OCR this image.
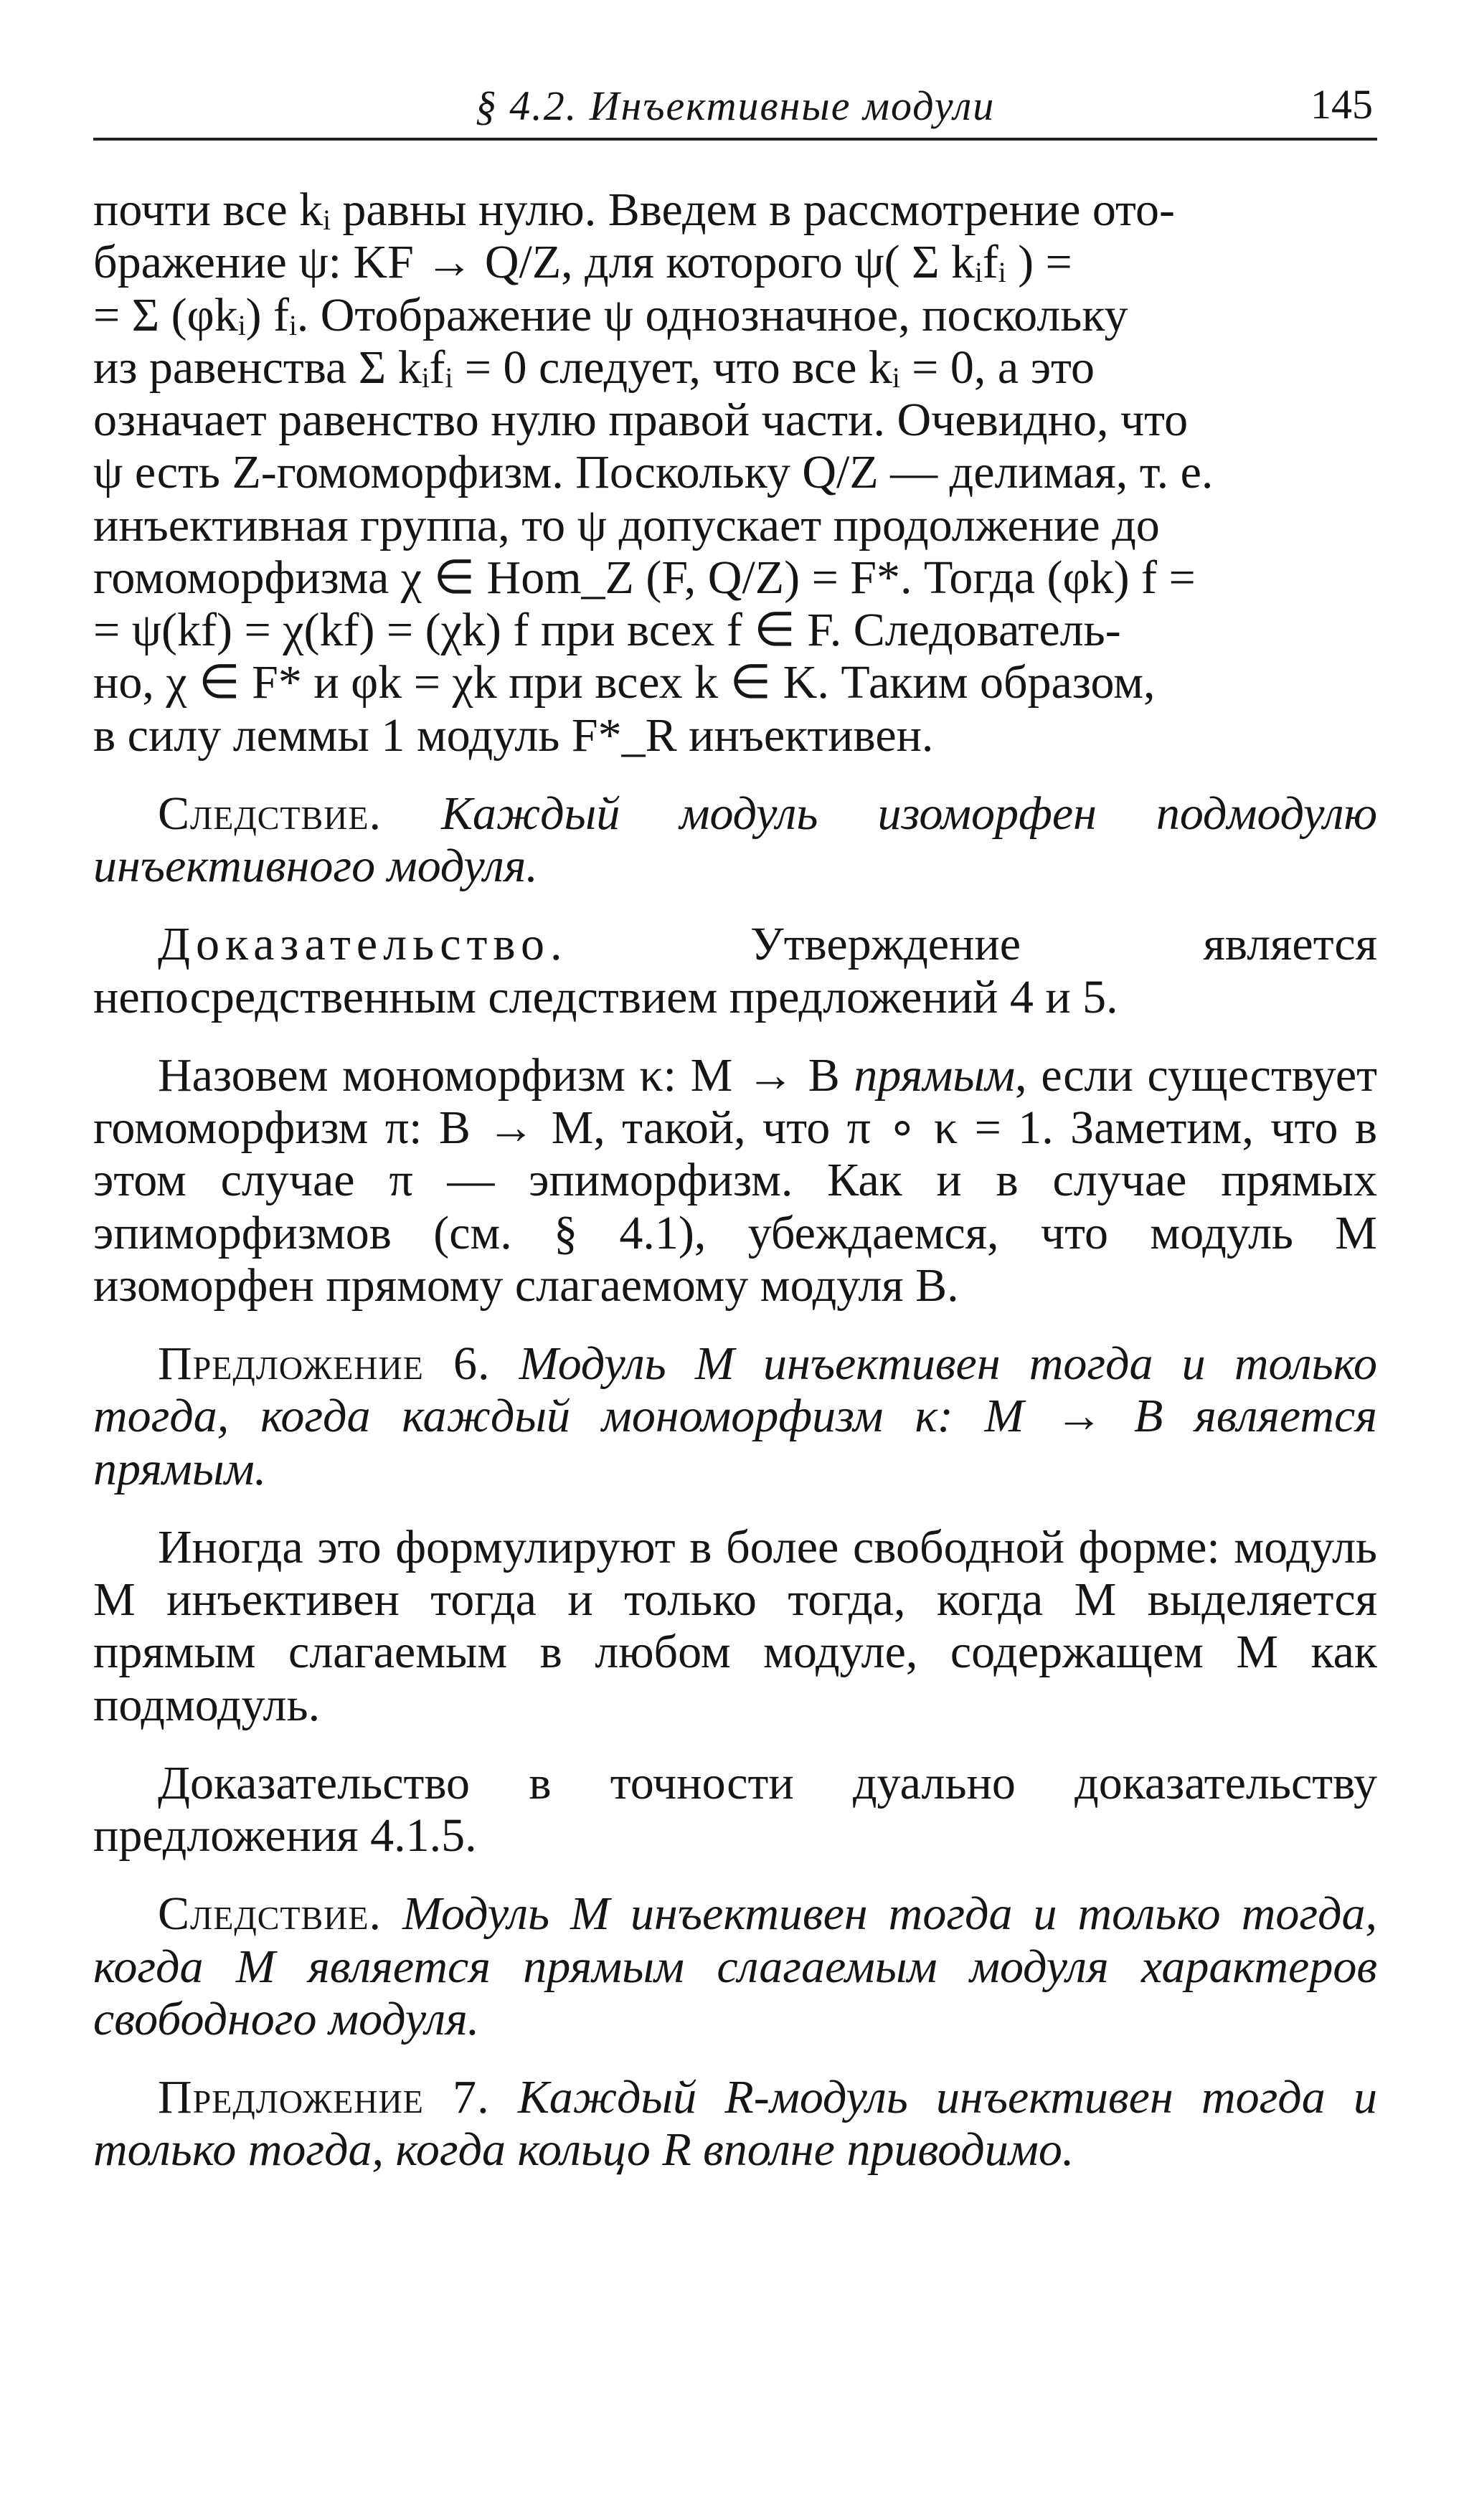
§ 4.2. Инъективные модули	145
почти все kᵢ равны нулю. Введем в рассмотрение ото-
бражение ψ: KF → Q/Z, для которого ψ( Σ kᵢfᵢ ) =
= Σ (φkᵢ) fᵢ. Отображение ψ однозначное, поскольку
из равенства Σ kᵢfᵢ = 0 следует, что все kᵢ = 0, а это
означает равенство нулю правой части. Очевидно, что
ψ есть Z-гомоморфизм. Поскольку Q/Z — делимая, т. е.
инъективная группа, то ψ допускает продолжение до
гомоморфизма χ ∈ Hom_Z (F, Q/Z) = F*. Тогда (φk) f =
= ψ(kf) = χ(kf) = (χk) f при всех f ∈ F. Следователь-
но, χ ∈ F* и φk = χk при всех k ∈ K. Таким образом,
в силу леммы 1 модуль F*_R инъективен.
Следствие. Каждый модуль изоморфен подмодулю инъективного модуля.
Доказательство.	Утверждение является непосредственным следствием предложений 4 и 5.
Назовем мономорфизм κ: M → B прямым, если существует гомоморфизм π: B → M, такой, что π ∘ κ = 1. Заметим, что в этом случае π — эпиморфизм. Как и в случае прямых эпиморфизмов (см. § 4.1), убеждаемся, что модуль M изоморфен прямому слагаемому модуля B.
Предложение 6. Модуль M инъективен тогда и только тогда, когда каждый мономорфизм κ: M → B является прямым.
Иногда это формулируют в более свободной форме: модуль M инъективен тогда и только тогда, когда M выделяется прямым слагаемым в любом модуле, содержащем M как подмодуль.
Доказательство в точности дуально доказательству предложения 4.1.5.
Следствие. Модуль M инъективен тогда и только тогда, когда M является прямым слагаемым модуля характеров свободного модуля.
Предложение 7. Каждый R-модуль инъективен тогда и только тогда, когда кольцо R вполне приводимо.
